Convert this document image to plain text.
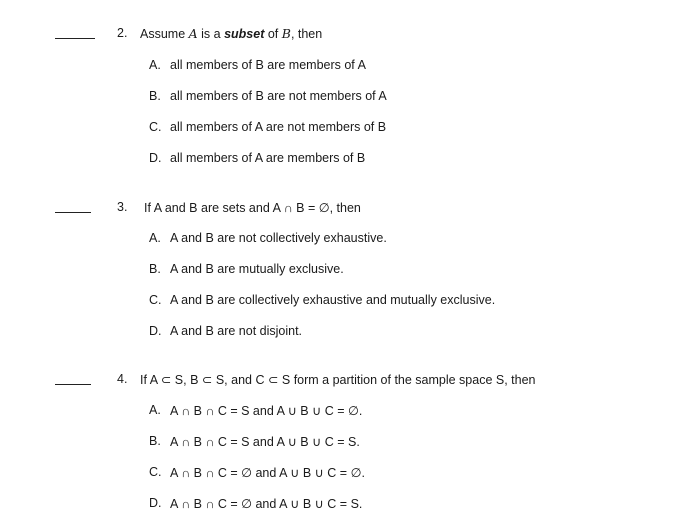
2. Assume A is a subset of B, then
A. all members of B are members of A
B. all members of B are not members of A
C. all members of A are not members of B
D. all members of A are members of B
3. If A and B are sets and A ∩ B = ∅, then
A. A and B are not collectively exhaustive.
B. A and B are mutually exclusive.
C. A and B are collectively exhaustive and mutually exclusive.
D. A and B are not disjoint.
4. If A ⊂ S, B ⊂ S, and C ⊂ S form a partition of the sample space S, then
A. A ∩ B ∩ C = S and A ∪ B ∪ C = ∅.
B. A ∩ B ∩ C = S and A ∪ B ∪ C = S.
C. A ∩ B ∩ C = ∅ and A ∪ B ∪ C = ∅.
D. A ∩ B ∩ C = ∅ and A ∪ B ∪ C = S.
